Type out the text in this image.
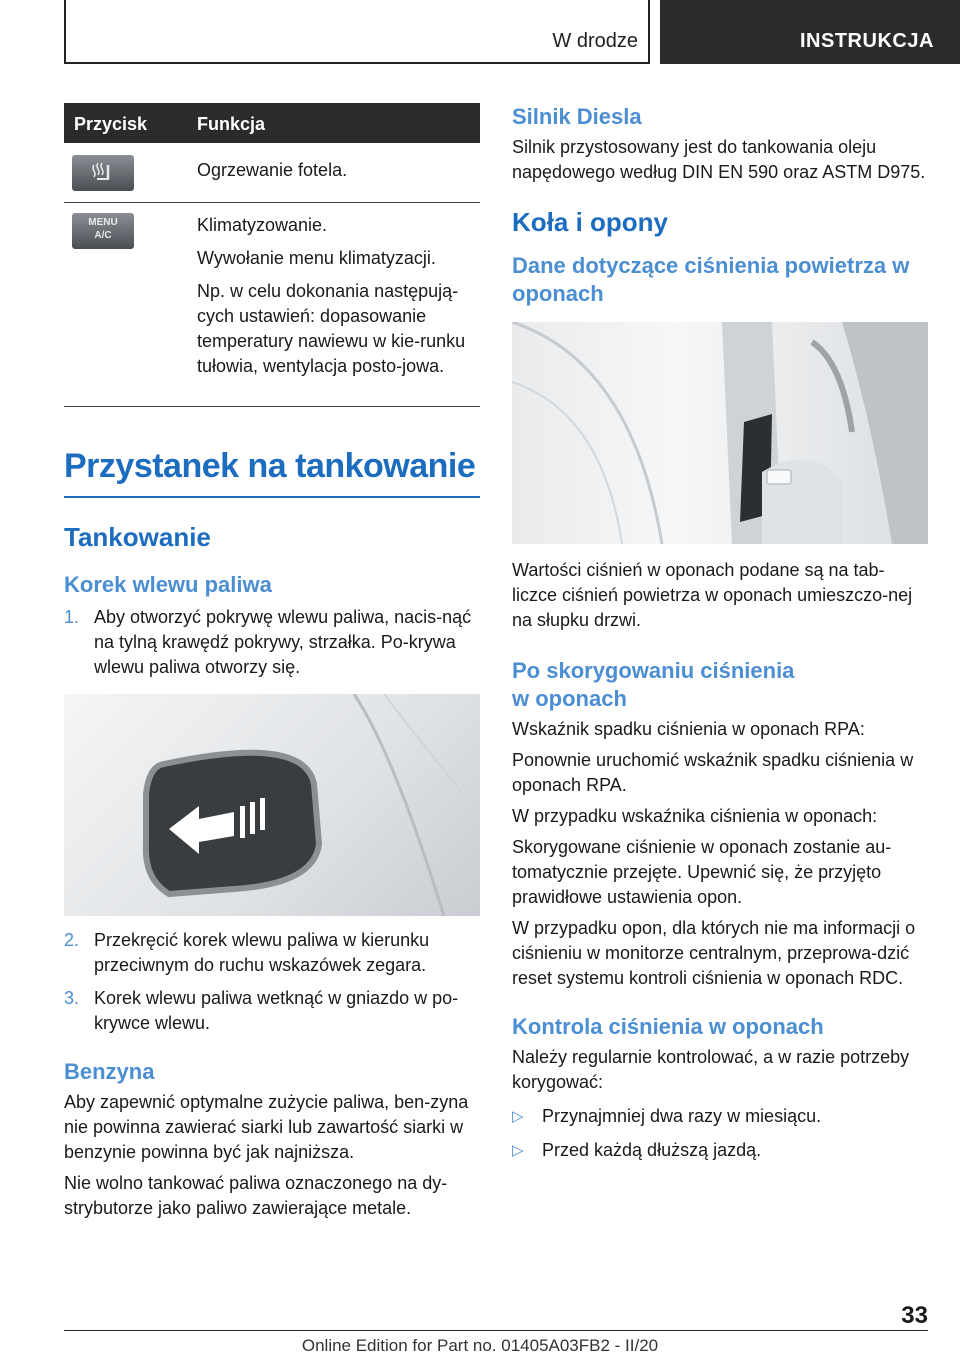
W drodze	INSTRUKCJA
Przycisk	Funkcja

Ogrzewanie fotela.

MENU
A/C

Klimatyzowanie.

Wywołanie menu klimatyzacji.

Np. w celu dokonania następują‐cych ustawień: dopasowanie temperatury nawiewu w kie‐runku tułowia, wentylacja posto‐jowa.

Przystanek na tankowanie
Tankowanie
Korek wlewu paliwa
1. Aby otworzyć pokrywę wlewu paliwa, nacis‐nąć na tylną krawędź pokrywy, strzałka. Po‐krywa wlewu paliwa otworzy się.
2. Przekręcić korek wlewu paliwa w kierunku przeciwnym do ruchu wskazówek zegara.
3. Korek wlewu paliwa wetknąć w gniazdo w po‐krywce wlewu.
Benzyna

Aby zapewnić optymalne zużycie paliwa, ben‐zyna nie powinna zawierać siarki lub zawartość siarki w benzynie powinna być jak najniższa.

Nie wolno tankować paliwa oznaczonego na dy‐strybutorze jako paliwo zawierające metale.

Silnik Diesla

Silnik przystosowany jest do tankowania oleju napędowego według DIN EN 590 oraz ASTM D975.

Koła i opony
Dane dotyczące ciśnienia powietrza w oponach

Wartości ciśnień w oponach podane są na tab‐liczce ciśnień powietrza w oponach umieszczo‐nej na słupku drzwi.

Po skorygowaniu ciśnienia
w oponach

Wskaźnik spadku ciśnienia w oponach RPA:

Ponownie uruchomić wskaźnik spadku ciśnienia w oponach RPA.

W przypadku wskaźnika ciśnienia w oponach:

Skorygowane ciśnienie w oponach zostanie au‐tomatycznie przejęte. Upewnić się, że przyjęto prawidłowe ustawienia opon.

W przypadku opon, dla których nie ma informacji o ciśnieniu w monitorze centralnym, przeprowa‐dzić reset systemu kontroli ciśnienia w oponach RDC.

Kontrola ciśnienia w oponach

Należy regularnie kontrolować, a w razie potrzeby korygować:

▷ Przynajmniej dwa razy w miesiącu.
▷ Przed każdą dłuższą jazdą.
33
Online Edition for Part no. 01405A03FB2 - II/20
